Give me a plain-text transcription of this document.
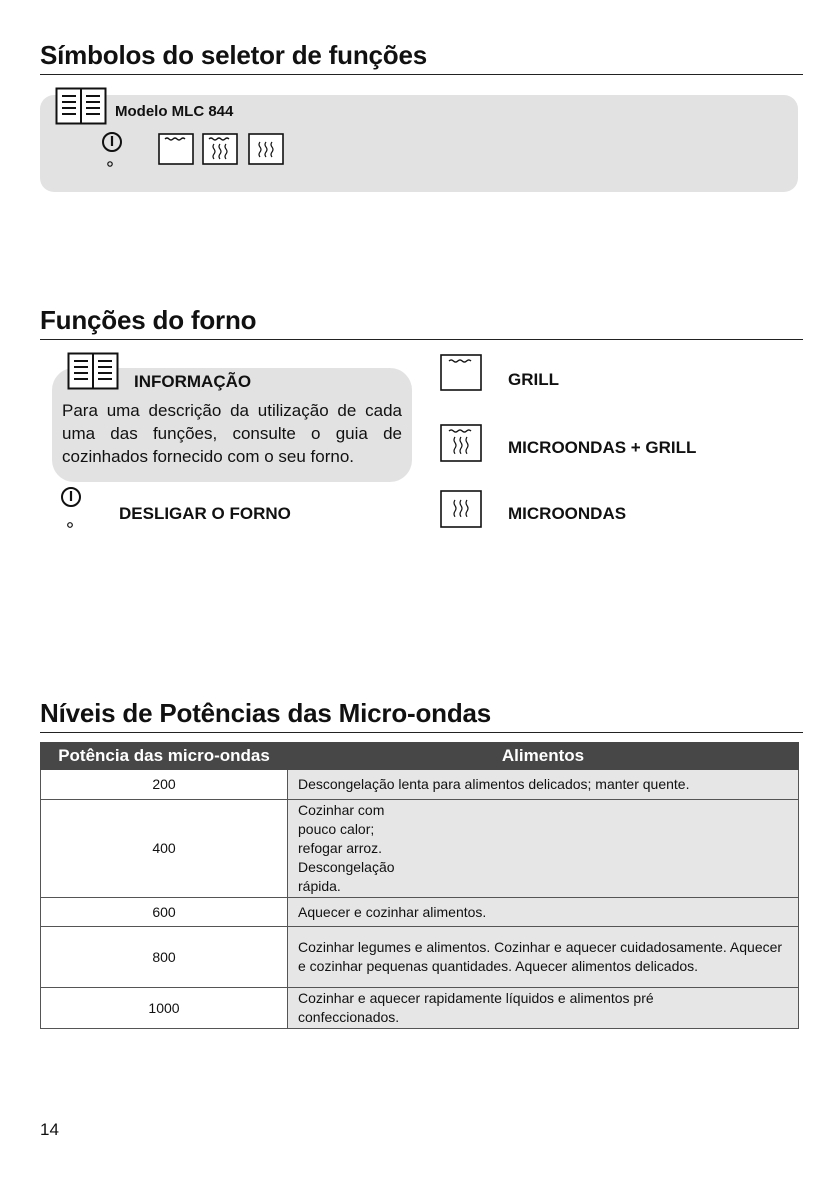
Símbolos do seletor de funções
Modelo MLC 844
Funções do forno
INFORMAÇÃO
Para uma descrição da utilização de cada uma das funções, consulte o guia de cozinhados fornecido com o seu forno.
DESLIGAR O FORNO
GRILL
MICROONDAS + GRILL
MICROONDAS
Níveis de Potências das Micro-ondas
Potência das micro-ondas	Alimentos
200	Descongelação lenta para alimentos delicados; manter quente.
400	Cozinhar com pouco calor; refogar arroz. Descongelação rápida.
600	Aquecer e cozinhar alimentos.
800	Cozinhar legumes e alimentos. Cozinhar e aquecer cuidadosamente. Aquecer e cozinhar pequenas quantidades. Aquecer alimentos delicados.
1000	Cozinhar e aquecer rapidamente líquidos e alimentos pré confeccionados.
14
